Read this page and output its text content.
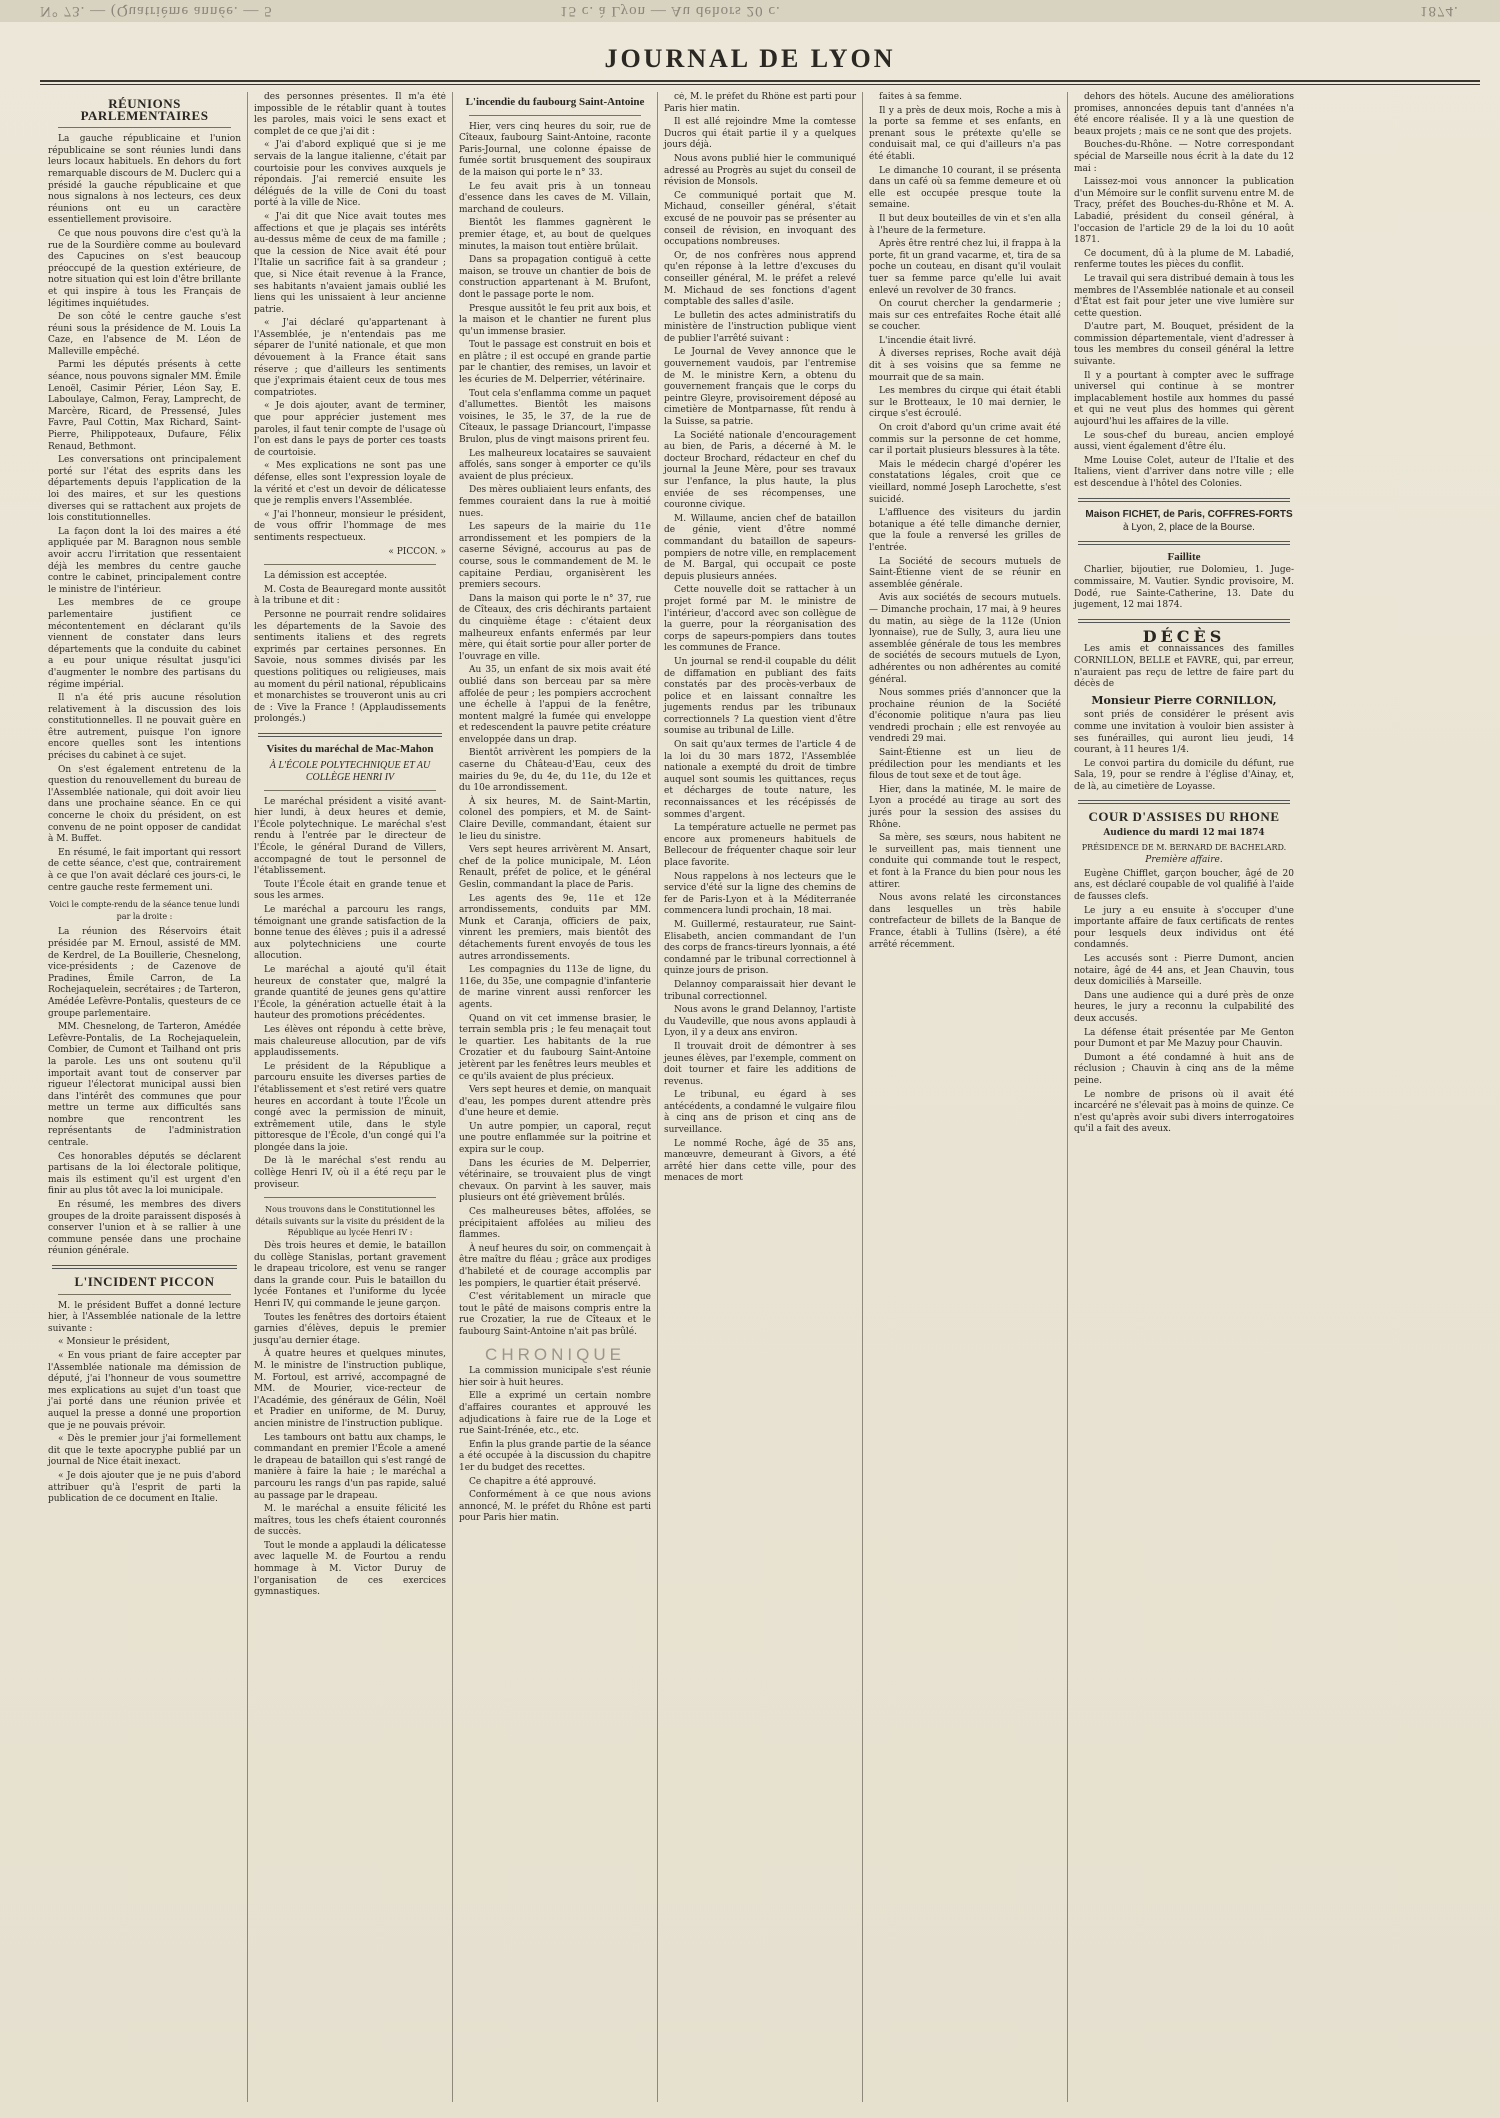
N° 73. — (Quatrième année. — 5	15 c. à Lyon — Au dehors 20 c.	1874.
JOURNAL DE LYON
RÉUNIONS PARLEMENTAIRES

La gauche républicaine et l'union républicaine se sont réunies lundi dans leurs locaux habituels. En dehors du fort remarquable discours de M. Duclerc qui a présidé la gauche républicaine et que nous signalons à nos lecteurs, ces deux réunions ont eu un caractère essentiellement provisoire.

Ce que nous pouvons dire c'est qu'à la rue de la Sourdière comme au boulevard des Capucines on s'est beaucoup préoccupé de la question extérieure, de notre situation qui est loin d'être brillante et qui inspire à tous les Français de légitimes inquiétudes.

De son côté le centre gauche s'est réuni sous la présidence de M. Louis La Caze, en l'absence de M. Léon de Malleville empêché.

Parmi les députés présents à cette séance, nous pouvons signaler MM. Émile Lenoël, Casimir Périer, Léon Say, E. Laboulaye, Calmon, Feray, Lamprecht, de Marcère, Ricard, de Pressensé, Jules Favre, Paul Cottin, Max Richard, Saint-Pierre, Philippoteaux, Dufaure, Félix Renaud, Bethmont.

Les conversations ont principalement porté sur l'état des esprits dans les départements depuis l'application de la loi des maires, et sur les questions diverses qui se rattachent aux projets de lois constitutionnelles.

La façon dont la loi des maires a été appliquée par M. Baragnon nous semble avoir accru l'irritation que ressentaient déjà les membres du centre gauche contre le cabinet, principalement contre le ministre de l'intérieur.

Les membres de ce groupe parlementaire justifient ce mécontentement en déclarant qu'ils viennent de constater dans leurs départements que la conduite du cabinet a eu pour unique résultat jusqu'ici d'augmenter le nombre des partisans du régime impérial.

Il n'a été pris aucune résolution relativement à la discussion des lois constitutionnelles. Il ne pouvait guère en être autrement, puisque l'on ignore encore quelles sont les intentions précises du cabinet à ce sujet.

On s'est également entretenu de la question du renouvellement du bureau de l'Assemblée nationale, qui doit avoir lieu dans une prochaine séance. En ce qui concerne le choix du président, on est convenu de ne point opposer de candidat à M. Buffet.

En résumé, le fait important qui ressort de cette séance, c'est que, contrairement à ce que l'on avait déclaré ces jours-ci, le centre gauche reste fermement uni.

Voici le compte-rendu de la séance tenue lundi par la droite :

La réunion des Réservoirs était présidée par M. Ernoul, assisté de MM. de Kerdrel, de La Bouillerie, Chesnelong, vice-présidents ; de Cazenove de Pradines, Émile Carron, de La Rochejaquelein, secrétaires ; de Tarteron, Amédée Lefèvre-Pontalis, questeurs de ce groupe parlementaire.

MM. Chesnelong, de Tarteron, Amédée Lefèvre-Pontalis, de La Rochejaquelein, Combier, de Cumont et Tailhand ont pris la parole. Les uns ont soutenu qu'il importait avant tout de conserver par rigueur l'électorat municipal aussi bien dans l'intérêt des communes que pour mettre un terme aux difficultés sans nombre que rencontrent les représentants de l'administration centrale.

Ces honorables députés se déclarent partisans de la loi électorale politique, mais ils estiment qu'il est urgent d'en finir au plus tôt avec la loi municipale.

En résumé, les membres des divers groupes de la droite paraissent disposés à conserver l'union et à se rallier à une commune pensée dans une prochaine réunion générale.

L'INCIDENT PICCON

M. le président Buffet a donné lecture hier, à l'Assemblée nationale de la lettre suivante :

« Monsieur le président,

« En vous priant de faire accepter par l'Assemblée nationale ma démission de député, j'ai l'honneur de vous soumettre mes explications au sujet d'un toast que j'ai porté dans une réunion privée et auquel la presse a donné une proportion que je ne pouvais prévoir.

« Dès le premier jour j'ai formellement dit que le texte apocryphe publié par un journal de Nice était inexact.

« Je dois ajouter que je ne puis d'abord attribuer qu'à l'esprit de parti la publication de ce document en Italie.

des personnes présentes. Il m'a été impossible de le rétablir quant à toutes les paroles, mais voici le sens exact et complet de ce que j'ai dit :

« J'ai d'abord expliqué que si je me servais de la langue italienne, c'était par courtoisie pour les convives auxquels je répondais. J'ai remercié ensuite les délégués de la ville de Coni du toast porté à la ville de Nice.

« J'ai dit que Nice avait toutes mes affections et que je plaçais ses intérêts au-dessus même de ceux de ma famille ; que la cession de Nice avait été pour l'Italie un sacrifice fait à sa grandeur ; que, si Nice était revenue à la France, ses habitants n'avaient jamais oublié les liens qui les unissaient à leur ancienne patrie.

« J'ai déclaré qu'appartenant à l'Assemblée, je n'entendais pas me séparer de l'unité nationale, et que mon dévouement à la France était sans réserve ; que d'ailleurs les sentiments que j'exprimais étaient ceux de tous mes compatriotes.

« Je dois ajouter, avant de terminer, que pour apprécier justement mes paroles, il faut tenir compte de l'usage où l'on est dans le pays de porter ces toasts de courtoisie.

« Mes explications ne sont pas une défense, elles sont l'expression loyale de la vérité et c'est un devoir de délicatesse que je remplis envers l'Assemblée.

« J'ai l'honneur, monsieur le président, de vous offrir l'hommage de mes sentiments respectueux.

« PICCON. »

La démission est acceptée.

M. Costa de Beauregard monte aussitôt à la tribune et dit :

Personne ne pourrait rendre solidaires les départements de la Savoie des sentiments italiens et des regrets exprimés par certaines personnes. En Savoie, nous sommes divisés par les questions politiques ou religieuses, mais au moment du péril national, républicains et monarchistes se trouveront unis au cri de : Vive la France ! (Applaudissements prolongés.)

Visites du maréchal de Mac-Mahon
À L'ÉCOLE POLYTECHNIQUE ET AU COLLÈGE HENRI IV

Le maréchal président a visité avant-hier lundi, à deux heures et demie, l'École polytechnique. Le maréchal s'est rendu à l'entrée par le directeur de l'École, le général Durand de Villers, accompagné de tout le personnel de l'établissement.

Toute l'École était en grande tenue et sous les armes.

Le maréchal a parcouru les rangs, témoignant une grande satisfaction de la bonne tenue des élèves ; puis il a adressé aux polytechniciens une courte allocution.

Le maréchal a ajouté qu'il était heureux de constater que, malgré la grande quantité de jeunes gens qu'attire l'École, la génération actuelle était à la hauteur des promotions précédentes.

Les élèves ont répondu à cette brève, mais chaleureuse allocution, par de vifs applaudissements.

Le président de la République a parcouru ensuite les diverses parties de l'établissement et s'est retiré vers quatre heures en accordant à toute l'École un congé avec la permission de minuit, extrêmement utile, dans le style pittoresque de l'École, d'un congé qui l'a plongée dans la joie.

De là le maréchal s'est rendu au collège Henri IV, où il a été reçu par le proviseur.

Nous trouvons dans le Constitutionnel les détails suivants sur la visite du président de la République au lycée Henri IV :

Dès trois heures et demie, le bataillon du collège Stanislas, portant gravement le drapeau tricolore, est venu se ranger dans la grande cour. Puis le bataillon du lycée Fontanes et l'uniforme du lycée Henri IV, qui commande le jeune garçon.

Toutes les fenêtres des dortoirs étaient garnies d'élèves, depuis le premier jusqu'au dernier étage.

À quatre heures et quelques minutes, M. le ministre de l'instruction publique, M. Fortoul, est arrivé, accompagné de MM. de Mourier, vice-recteur de l'Académie, des généraux de Gélin, Noël et Pradier en uniforme, de M. Duruy, ancien ministre de l'instruction publique.

Les tambours ont battu aux champs, le commandant en premier l'École a amené le drapeau de bataillon qui s'est rangé de manière à faire la haie ; le maréchal a parcouru les rangs d'un pas rapide, salué au passage par le drapeau.

M. le maréchal a ensuite félicité les maîtres, tous les chefs étaient couronnés de succès.

Tout le monde a applaudi la délicatesse avec laquelle M. de Fourtou a rendu hommage à M. Victor Duruy de l'organisation de ces exercices gymnastiques.

L'incendie du faubourg Saint-Antoine

Hier, vers cinq heures du soir, rue de Cîteaux, faubourg Saint-Antoine, raconte Paris-Journal, une colonne épaisse de fumée sortit brusquement des soupiraux de la maison qui porte le n° 33.

Le feu avait pris à un tonneau d'essence dans les caves de M. Villain, marchand de couleurs.

Bientôt les flammes gagnèrent le premier étage, et, au bout de quelques minutes, la maison tout entière brûlait.

Dans sa propagation contiguë à cette maison, se trouve un chantier de bois de construction appartenant à M. Brufont, dont le passage porte le nom.

Presque aussitôt le feu prit aux bois, et la maison et le chantier ne furent plus qu'un immense brasier.

Tout le passage est construit en bois et en plâtre ; il est occupé en grande partie par le chantier, des remises, un lavoir et les écuries de M. Delperrier, vétérinaire.

Tout cela s'enflamma comme un paquet d'allumettes. Bientôt les maisons voisines, le 35, le 37, de la rue de Cîteaux, le passage Driancourt, l'impasse Brulon, plus de vingt maisons prirent feu.

Les malheureux locataires se sauvaient affolés, sans songer à emporter ce qu'ils avaient de plus précieux.

Des mères oubliaient leurs enfants, des femmes couraient dans la rue à moitié nues.

Les sapeurs de la mairie du 11e arrondissement et les pompiers de la caserne Sévigné, accourus au pas de course, sous le commandement de M. le capitaine Perdiau, organisèrent les premiers secours.

Dans la maison qui porte le n° 37, rue de Cîteaux, des cris déchirants partaient du cinquième étage : c'étaient deux malheureux enfants enfermés par leur mère, qui était sortie pour aller porter de l'ouvrage en ville.

Au 35, un enfant de six mois avait été oublié dans son berceau par sa mère affolée de peur ; les pompiers accrochent une échelle à l'appui de la fenêtre, montent malgré la fumée qui enveloppe et redescendent la pauvre petite créature enveloppée dans un drap.

Bientôt arrivèrent les pompiers de la caserne du Château-d'Eau, ceux des mairies du 9e, du 4e, du 11e, du 12e et du 10e arrondissement.

À six heures, M. de Saint-Martin, colonel des pompiers, et M. de Saint-Claire Deville, commandant, étaient sur le lieu du sinistre.

Vers sept heures arrivèrent M. Ansart, chef de la police municipale, M. Léon Renault, préfet de police, et le général Geslin, commandant la place de Paris.

Les agents des 9e, 11e et 12e arrondissements, conduits par MM. Munk et Caranja, officiers de paix, vinrent les premiers, mais bientôt des détachements furent envoyés de tous les autres arrondissements.

Les compagnies du 113e de ligne, du 116e, du 35e, une compagnie d'infanterie de marine vinrent aussi renforcer les agents.

Quand on vit cet immense brasier, le terrain sembla pris ; le feu menaçait tout le quartier. Les habitants de la rue Crozatier et du faubourg Saint-Antoine jetèrent par les fenêtres leurs meubles et ce qu'ils avaient de plus précieux.

Vers sept heures et demie, on manquait d'eau, les pompes durent attendre près d'une heure et demie.

Un autre pompier, un caporal, reçut une poutre enflammée sur la poitrine et expira sur le coup.

Dans les écuries de M. Delperrier, vétérinaire, se trouvaient plus de vingt chevaux. On parvint à les sauver, mais plusieurs ont été grièvement brûlés.

Ces malheureuses bêtes, affolées, se précipitaient affolées au milieu des flammes.

À neuf heures du soir, on commençait à être maître du fléau ; grâce aux prodiges d'habileté et de courage accomplis par les pompiers, le quartier était préservé.

C'est véritablement un miracle que tout le pâté de maisons compris entre la rue Crozatier, la rue de Cîteaux et le faubourg Saint-Antoine n'ait pas brûlé.

CHRONIQUE

La commission municipale s'est réunie hier soir à huit heures.

Elle a exprimé un certain nombre d'affaires courantes et approuvé les adjudications à faire rue de la Loge et rue Saint-Irénée, etc., etc.

Enfin la plus grande partie de la séance a été occupée à la discussion du chapitre 1er du budget des recettes.

Ce chapitre a été approuvé.

Conformément à ce que nous avions annoncé, M. le préfet du Rhône est parti pour Paris hier matin.

cé, M. le préfet du Rhône est parti pour Paris hier matin.

Il est allé rejoindre Mme la comtesse Ducros qui était partie il y a quelques jours déjà.

Nous avons publié hier le communiqué adressé au Progrès au sujet du conseil de révision de Monsols.

Ce communiqué portait que M. Michaud, conseiller général, s'était excusé de ne pouvoir pas se présenter au conseil de révision, en invoquant des occupations nombreuses.

Or, de nos confrères nous apprend qu'en réponse à la lettre d'excuses du conseiller général, M. le préfet a relevé M. Michaud de ses fonctions d'agent comptable des salles d'asile.

Le bulletin des actes administratifs du ministère de l'instruction publique vient de publier l'arrêté suivant :

Le Journal de Vevey annonce que le gouvernement vaudois, par l'entremise de M. le ministre Kern, a obtenu du gouvernement français que le corps du peintre Gleyre, provisoirement déposé au cimetière de Montparnasse, fût rendu à la Suisse, sa patrie.

La Société nationale d'encouragement au bien, de Paris, a décerné à M. le docteur Brochard, rédacteur en chef du journal la Jeune Mère, pour ses travaux sur l'enfance, la plus haute, la plus enviée de ses récompenses, une couronne civique.

M. Willaume, ancien chef de bataillon de génie, vient d'être nommé commandant du bataillon de sapeurs-pompiers de notre ville, en remplacement de M. Bargal, qui occupait ce poste depuis plusieurs années.

Cette nouvelle doit se rattacher à un projet formé par M. le ministre de l'intérieur, d'accord avec son collègue de la guerre, pour la réorganisation des corps de sapeurs-pompiers dans toutes les communes de France.

Un journal se rend-il coupable du délit de diffamation en publiant des faits constatés par des procès-verbaux de police et en laissant connaître les jugements rendus par les tribunaux correctionnels ? La question vient d'être soumise au tribunal de Lille.

On sait qu'aux termes de l'article 4 de la loi du 30 mars 1872, l'Assemblée nationale a exempté du droit de timbre auquel sont soumis les quittances, reçus et décharges de toute nature, les reconnaissances et les récépissés de sommes d'argent.

La température actuelle ne permet pas encore aux promeneurs habituels de Bellecour de fréquenter chaque soir leur place favorite.

Nous rappelons à nos lecteurs que le service d'été sur la ligne des chemins de fer de Paris-Lyon et à la Méditerranée commencera lundi prochain, 18 mai.

M. Guillermé, restaurateur, rue Saint-Elisabeth, ancien commandant de l'un des corps de francs-tireurs lyonnais, a été condamné par le tribunal correctionnel à quinze jours de prison.

Delannoy comparaissait hier devant le tribunal correctionnel.

Nous avons le grand Delannoy, l'artiste du Vaudeville, que nous avons applaudi à Lyon, il y a deux ans environ.

Il trouvait droit de démontrer à ses jeunes élèves, par l'exemple, comment on doit tourner et faire les additions de revenus.

Le tribunal, eu égard à ses antécédents, a condamné le vulgaire filou à cinq ans de prison et cinq ans de surveillance.

Le nommé Roche, âgé de 35 ans, manœuvre, demeurant à Givors, a été arrêté hier dans cette ville, pour des menaces de mort

faites à sa femme.

Il y a près de deux mois, Roche a mis à la porte sa femme et ses enfants, en prenant sous le prétexte qu'elle se conduisait mal, ce qui d'ailleurs n'a pas été établi.

Le dimanche 10 courant, il se présenta dans un café où sa femme demeure et où elle est occupée presque toute la semaine.

Il but deux bouteilles de vin et s'en alla à l'heure de la fermeture.

Après être rentré chez lui, il frappa à la porte, fit un grand vacarme, et, tira de sa poche un couteau, en disant qu'il voulait tuer sa femme parce qu'elle lui avait enlevé un revolver de 30 francs.

On courut chercher la gendarmerie ; mais sur ces entrefaites Roche était allé se coucher.

L'incendie était livré.

À diverses reprises, Roche avait déjà dit à ses voisins que sa femme ne mourrait que de sa main.

Les membres du cirque qui était établi sur le Brotteaux, le 10 mai dernier, le cirque s'est écroulé.

On croit d'abord qu'un crime avait été commis sur la personne de cet homme, car il portait plusieurs blessures à la tête.

Mais le médecin chargé d'opérer les constatations légales, croit que ce vieillard, nommé Joseph Larochette, s'est suicidé.

L'affluence des visiteurs du jardin botanique a été telle dimanche dernier, que la foule a renversé les grilles de l'entrée.

La Société de secours mutuels de Saint-Étienne vient de se réunir en assemblée générale.

Avis aux sociétés de secours mutuels. — Dimanche prochain, 17 mai, à 9 heures du matin, au siège de la 112e (Union lyonnaise), rue de Sully, 3, aura lieu une assemblée générale de tous les membres de sociétés de secours mutuels de Lyon, adhérentes ou non adhérentes au comité général.

Nous sommes priés d'annoncer que la prochaine réunion de la Société d'économie politique n'aura pas lieu vendredi prochain ; elle est renvoyée au vendredi 29 mai.

Saint-Étienne est un lieu de prédilection pour les mendiants et les filous de tout sexe et de tout âge.

Hier, dans la matinée, M. le maire de Lyon a procédé au tirage au sort des jurés pour la session des assises du Rhône.

Sa mère, ses sœurs, nous habitent ne le surveillent pas, mais tiennent une conduite qui commande tout le respect, et font à la France du bien pour nous les attirer.

Nous avons relaté les circonstances dans lesquelles un très habile contrefacteur de billets de la Banque de France, établi à Tullins (Isère), a été arrêté récemment.

dehors des hôtels. Aucune des améliorations promises, annoncées depuis tant d'années n'a été encore réalisée. Il y a là une question de beaux projets ; mais ce ne sont que des projets.

Bouches-du-Rhône. — Notre correspondant spécial de Marseille nous écrit à la date du 12 mai :

Laissez-moi vous annoncer la publication d'un Mémoire sur le conflit survenu entre M. de Tracy, préfet des Bouches-du-Rhône et M. A. Labadié, président du conseil général, à l'occasion de l'article 29 de la loi du 10 août 1871.

Ce document, dû à la plume de M. Labadié, renferme toutes les pièces du conflit.

Le travail qui sera distribué demain à tous les membres de l'Assemblée nationale et au conseil d'État est fait pour jeter une vive lumière sur cette question.

D'autre part, M. Bouquet, président de la commission départementale, vient d'adresser à tous les membres du conseil général la lettre suivante.

Il y a pourtant à compter avec le suffrage universel qui continue à se montrer implacablement hostile aux hommes du passé et qui ne veut plus des hommes qui gèrent aujourd'hui les affaires de la ville.

Le sous-chef du bureau, ancien employé aussi, vient également d'être élu.

Mme Louise Colet, auteur de l'Italie et des Italiens, vient d'arriver dans notre ville ; elle est descendue à l'hôtel des Colonies.

Maison FICHET, de Paris, COFFRES-FORTS

à Lyon, 2, place de la Bourse.

Faillite

Charlier, bijoutier, rue Dolomieu, 1. Juge-commissaire, M. Vautier. Syndic provisoire, M. Dodé, rue Sainte-Catherine, 13. Date du jugement, 12 mai 1874.

DÉCÈS

Les amis et connaissances des familles CORNILLON, BELLE et FAVRE, qui, par erreur, n'auraient pas reçu de lettre de faire part du décès de

Monsieur Pierre CORNILLON,

sont priés de considérer le présent avis comme une invitation à vouloir bien assister à ses funérailles, qui auront lieu jeudi, 14 courant, à 11 heures 1/4.

Le convoi partira du domicile du défunt, rue Sala, 19, pour se rendre à l'église d'Ainay, et, de là, au cimetière de Loyasse.

COUR D'ASSISES DU RHONE

Audience du mardi 12 mai 1874

PRÉSIDENCE DE M. BERNARD DE BACHELARD.

Première affaire.

Eugène Chifflet, garçon boucher, âgé de 20 ans, est déclaré coupable de vol qualifié à l'aide de fausses clefs.

Le jury a eu ensuite à s'occuper d'une importante affaire de faux certificats de rentes pour lesquels deux individus ont été condamnés.

Les accusés sont : Pierre Dumont, ancien notaire, âgé de 44 ans, et Jean Chauvin, tous deux domiciliés à Marseille.

Dans une audience qui a duré près de onze heures, le jury a reconnu la culpabilité des deux accusés.

La défense était présentée par Me Genton pour Dumont et par Me Mazuy pour Chauvin.

Dumont a été condamné à huit ans de réclusion ; Chauvin à cinq ans de la même peine.

Le nombre de prisons où il avait été incarcéré ne s'élevait pas à moins de quinze. Ce n'est qu'après avoir subi divers interrogatoires qu'il a fait des aveux.
